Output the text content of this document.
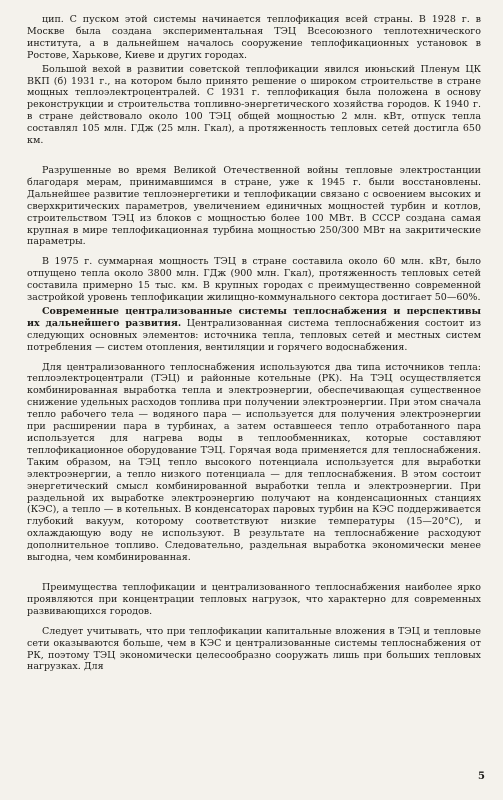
цип. С пуском этой системы начинается теплофикация всей страны. В 1928 г. в Москве была создана экспериментальная ТЭЦ Всесоюзного теплотехнического института, а в дальнейшем началось сооружение теплофикационных установок в Ростове, Харькове, Киеве и других городах.

Большой вехой в развитии советской теплофикации явился июньский Пленум ЦК ВКП (б) 1931 г., на котором было принято решение о широком строительстве в стране мощных теплоэлектроцентралей. С 1931 г. теплофикация была положена в основу реконструкции и строительства топливно-энергетического хозяйства городов. К 1940 г. в стране действовало около 100 ТЭЦ общей мощностью 2 млн. кВт, отпуск тепла составлял 105 млн. ГДж (25 млн. Гкал), а протяженность тепловых сетей достигла 650 км.

Разрушенные во время Великой Отечественной войны тепловые электростанции благодаря мерам, принимавшимся в стране, уже к 1945 г. были восстановлены. Дальнейшее развитие теплоэнергетики и теплофикации связано с освоением высоких и сверхкритических параметров, увеличением единичных мощностей турбин и котлов, строительством ТЭЦ из блоков с мощностью более 100 МВт. В СССР создана самая крупная в мире теплофикационная турбина мощностью 250/300 МВт на закритические параметры.

В 1975 г. суммарная мощность ТЭЦ в стране составила около 60 млн. кВт, было отпущено тепла около 3800 млн. ГДж (900 млн. Гкал), протяженность тепловых сетей составила примерно 15 тыс. км. В крупных городах с преимущественно современной застройкой уровень теплофикации жилищно-коммунального сектора достигает 50—60%.

Современные централизованные системы теплоснабжения и перспективы их дальнейшего развития. Централизованная система теплоснабжения состоит из следующих основных элементов: источника тепла, тепловых сетей и местных систем потребления — систем отопления, вентиляции и горячего водоснабжения.

Для централизованного теплоснабжения используются два типа источников тепла: теплоэлектроцентрали (ТЭЦ) и районные котельные (РК). На ТЭЦ осуществляется комбинированная выработка тепла и электроэнергии, обеспечивающая существенное снижение удельных расходов топлива при получении электроэнергии. При этом сначала тепло рабочего тела — водяного пара — используется для получения электроэнергии при расширении пара в турбинах, а затем оставшееся тепло отработанного пара используется для нагрева воды в теплообменниках, которые составляют теплофикационное оборудование ТЭЦ. Горячая вода применяется для теплоснабжения. Таким образом, на ТЭЦ тепло высокого потенциала используется для выработки электроэнергии, а тепло низкого потенциала — для теплоснабжения. В этом состоит энергетический смысл комбинированной выработки тепла и электроэнергии. При раздельной их выработке электроэнергию получают на конденсационных станциях (КЭС), а тепло — в котельных. В конденсаторах паровых турбин на КЭС поддерживается глубокий вакуум, которому соответствуют низкие температуры (15—20°С), и охлаждающую воду не используют. В результате на теплоснабжение расходуют дополнительное топливо. Следовательно, раздельная выработка экономически менее выгодна, чем комбинированная.

Преимущества теплофикации и централизованного теплоснабжения наиболее ярко проявляются при концентрации тепловых нагрузок, что характерно для современных развивающихся городов.

Следует учитывать, что при теплофикации капитальные вложения в ТЭЦ и тепловые сети оказываются больше, чем в КЭС и централизованные системы теплоснабжения от РК, поэтому ТЭЦ экономически целесообразно сооружать лишь при больших тепловых нагрузках. Для

5
